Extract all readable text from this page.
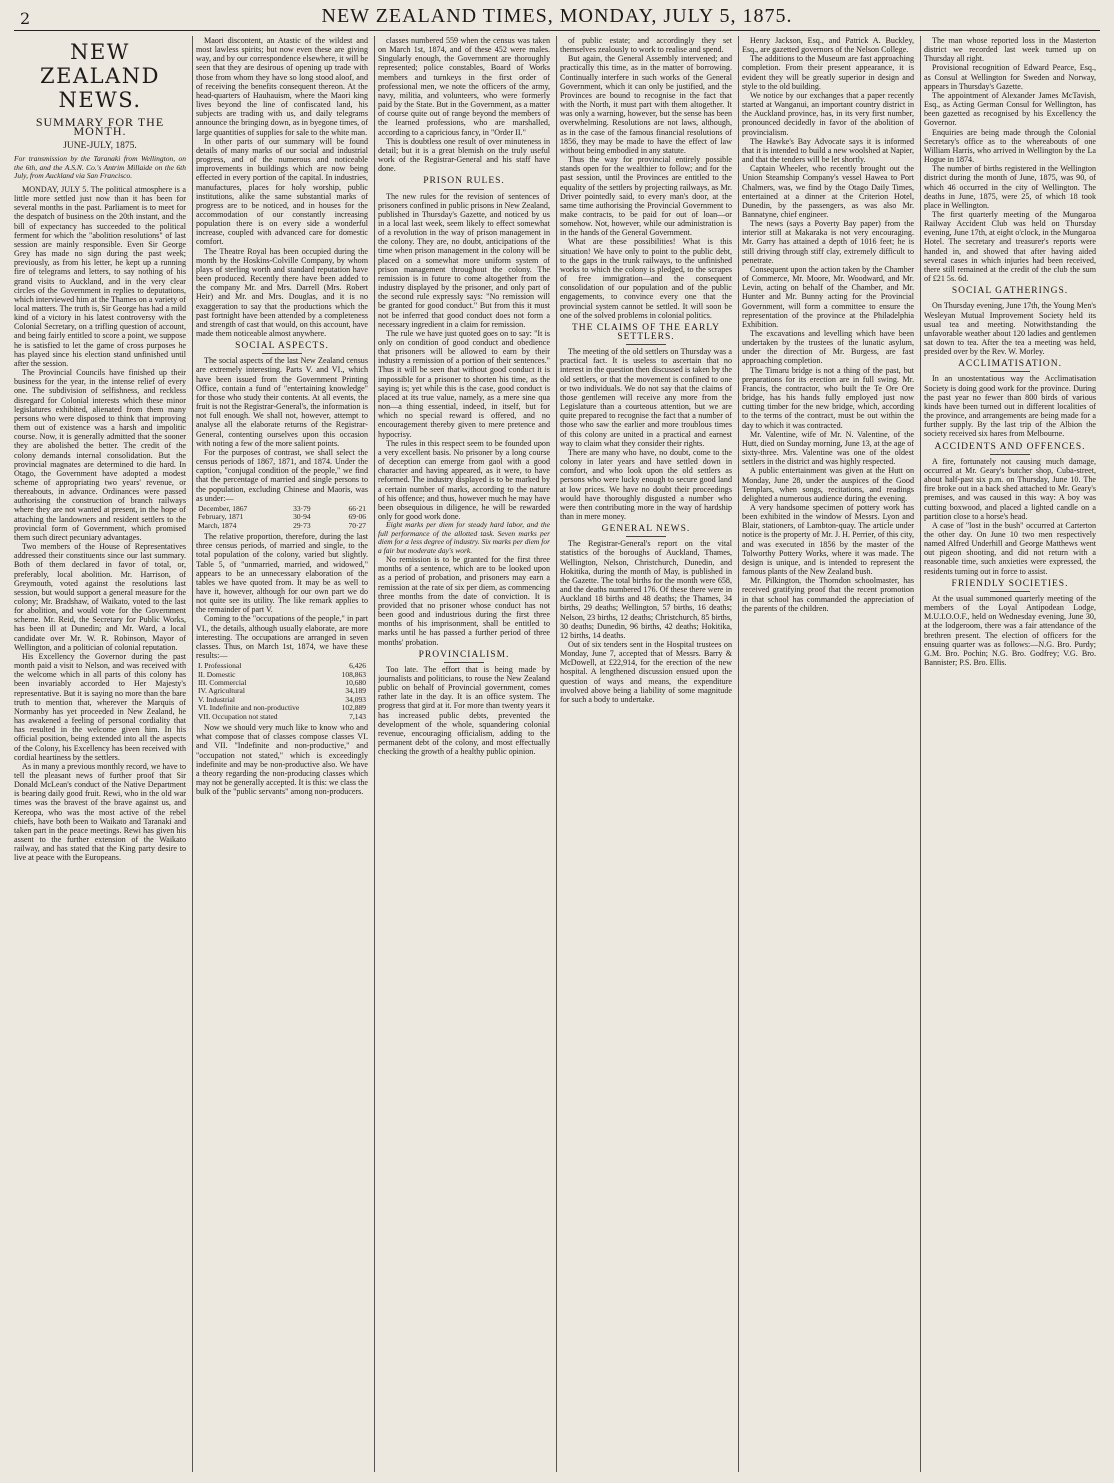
2	NEW ZEALAND TIMES, MONDAY, JULY 5, 1875.
NEW ZEALAND NEWS.
SUMMARY FOR THE MONTH.
JUNE-JULY, 1875.
For transmission by the Taranaki from Wellington, on the 6th, and the A.S.N. Co.'s Antrim Millaide on the 6th July, from Auckland via San Francisco.

MONDAY, JULY 5. The political atmosphere is a little more settled just now than it has been for several months in the past. Parliament is to meet for the despatch of business on the 20th instant, and the bill of expectancy has succeeded to the political ferment for which the "abolition resolutions" of last session are mainly responsible. Even Sir George Grey has made no sign during the past week; previously, as from his letter, he kept up a running fire of telegrams and letters, to say nothing of his grand visits to Auckland, and in the very clear circles of the Government in replies to deputations, which interviewed him at the Thames on a variety of local matters. The truth is, Sir George has had a mild kind of a victory in his latest controversy with the Colonial Secretary, on a trifling question of account, and being fairly entitled to score a point, we suppose he is satisfied to let the game of cross purposes he has played since his election stand unfinished until after the session.

The Provincial Councils have finished up their business for the year, in the intense relief of every one. The subdivision of selfishness, and reckless disregard for Colonial interests which these minor legislatures exhibited, alienated from them many persons who were disposed to think that improving them out of existence was a harsh and impolitic course. Now, it is generally admitted that the sooner they are abolished the better. The credit of the colony demands internal consolidation. But the provincial magnates are determined to die hard. In Otago, the Government have adopted a modest scheme of appropriating two years' revenue, or thereabouts, in advance. Ordinances were passed authorising the construction of branch railways where they are not wanted at present, in the hope of attaching the landowners and resident settlers to the provincial form of Government, which promised them such direct pecuniary advantages.

Two members of the House of Representatives addressed their constituents since our last summary. Both of them declared in favor of total, or, preferably, local abolition. Mr. Harrison, of Greymouth, voted against the resolutions last session, but would support a general measure for the colony; Mr. Bradshaw, of Waikato, voted to the last for abolition, and would vote for the Government scheme. Mr. Reid, the Secretary for Public Works, has been ill at Dunedin; and Mr. Ward, a local candidate over Mr. W. R. Robinson, Mayor of Wellington, and a politician of colonial reputation.

His Excellency the Governor during the past month paid a visit to Nelson, and was received with the welcome which in all parts of this colony has been invariably accorded to Her Majesty's representative. But it is saying no more than the bare truth to mention that, wherever the Marquis of Normanby has yet proceeded in New Zealand, he has awakened a feeling of personal cordiality that has resulted in the welcome given him. In his official position, being extended into all the aspects of the Colony, his Excellency has been received with cordial heartiness by the settlers.

As in many a previous monthly record, we have to tell the pleasant news of further proof that Sir Donald McLean's conduct of the Native Department is bearing daily good fruit. Rewi, who in the old war times was the bravest of the brave against us, and Kereopa, who was the most active of the rebel chiefs, have both been to Waikato and Taranaki and taken part in the peace meetings. Rewi has given his assent to the further extension of the Waikato railway, and has stated that the King party desire to live at peace with the Europeans.

Maori discontent, an Atastic of the wildest and most lawless spirits; but now even these are giving way, and by our correspondence elsewhere, it will be seen that they are desirous of opening up trade with those from whom they have so long stood aloof, and of receiving the benefits consequent thereon. At the head-quarters of Hauhauism, where the Maori king lives beyond the line of confiscated land, his subjects are trading with us, and daily telegrams announce the bringing down, as in byegone times, of large quantities of supplies for sale to the white man.

In other parts of our summary will be found details of many marks of our social and industrial progress, and of the numerous and noticeable improvements in buildings which are now being effected in every portion of the capital. In industries, manufactures, places for holy worship, public institutions, alike the same substantial marks of progress are to be noticed, and in houses for the accommodation of our constantly increasing population there is on every side a wonderful increase, coupled with advanced care for domestic comfort.

The Theatre Royal has been occupied during the month by the Hoskins-Colville Company, by whom plays of sterling worth and standard reputation have been produced. Recently there have been added to the company Mr. and Mrs. Darrell (Mrs. Robert Heir) and Mr. and Mrs. Douglas, and it is no exaggeration to say that the productions which the past fortnight have been attended by a completeness and strength of cast that would, on this account, have made them noticeable almost anywhere.

SOCIAL ASPECTS.

The social aspects of the last New Zealand census are extremely interesting. Parts V. and VI., which have been issued from the Government Printing Office, contain a fund of "entertaining knowledge" for those who study their contents. At all events, the fruit is not the Registrar-General's, the information is not full enough. We shall not, however, attempt to analyse all the elaborate returns of the Registrar-General, contenting ourselves upon this occasion with noting a few of the more salient points.

For the purposes of contrast, we shall select the census periods of 1867, 1871, and 1874. Under the caption, "conjugal condition of the people," we find that the percentage of married and single persons to the population, excluding Chinese and Maoris, was as under:—

December, 1867	33·79	66·21
February, 1871	30·94	69·06
March, 1874	29·73	70·27

The relative proportion, therefore, during the last three census periods, of married and single, to the total population of the colony, varied but slightly. Table 5, of "unmarried, married, and widowed," appears to be an unnecessary elaboration of the tables we have quoted from. It may be as well to have it, however, although for our own part we do not quite see its utility. The like remark applies to the remainder of part V.

Coming to the "occupations of the people," in part VI., the details, although usually elaborate, are more interesting. The occupations are arranged in seven classes. Thus, on March 1st, 1874, we have these results:—

I. Professional	6,426
II. Domestic	108,863
III. Commercial	10,680
IV. Agricultural	34,189
V. Industrial	34,093
VI. Indefinite and non-productive	102,889
VII. Occupation not stated	7,143

Now we should very much like to know who and what compose that of classes compose classes VI. and VII. "Indefinite and non-productive," and "occupation not stated," which is exceedingly indefinite and may be non-productive also. We have a theory regarding the non-producing classes which may not be generally accepted. It is this: we class the bulk of the "public servants" among non-producers.

classes numbered 559 when the census was taken on March 1st, 1874, and of these 452 were males. Singularly enough, the Government are thoroughly represented; police constables, Board of Works members and turnkeys in the first order of professional men, we note the officers of the army, navy, militia, and volunteers, who were formerly paid by the State. But in the Government, as a matter of course quite out of range beyond the members of the learned professions, who are marshalled, according to a capricious fancy, in "Order II."

This is doubtless one result of over minuteness in detail; but it is a great blemish on the truly useful work of the Registrar-General and his staff have done.

PRISON RULES.

The new rules for the revision of sentences of prisoners confined in public prisons in New Zealand, published in Thursday's Gazette, and noticed by us in a local last week, seem likely to effect somewhat of a revolution in the way of prison management in the colony. They are, no doubt, anticipations of the time when prison management in the colony will be placed on a somewhat more uniform system of prison management throughout the colony. The remission is in future to come altogether from the industry displayed by the prisoner, and only part of the second rule expressly says: "No remission will be granted for good conduct." But from this it must not be inferred that good conduct does not form a necessary ingredient in a claim for remission.

The rule we have just quoted goes on to say: "It is only on condition of good conduct and obedience that prisoners will be allowed to earn by their industry a remission of a portion of their sentences." Thus it will be seen that without good conduct it is impossible for a prisoner to shorten his time, as the saying is; yet while this is the case, good conduct is placed at its true value, namely, as a mere sine qua non—a thing essential, indeed, in itself, but for which no special reward is offered, and no encouragement thereby given to mere pretence and hypocrisy.

The rules in this respect seem to be founded upon a very excellent basis. No prisoner by a long course of deception can emerge from gaol with a good character and having appeared, as it were, to have reformed. The industry displayed is to be marked by a certain number of marks, according to the nature of his offence; and thus, however much he may have been obsequious in diligence, he will be rewarded only for good work done.

Eight marks per diem for steady hard labor, and the full performance of the allotted task. Seven marks per diem for a less degree of industry. Six marks per diem for a fair but moderate day's work.

No remission is to be granted for the first three months of a sentence, which are to be looked upon as a period of probation, and prisoners may earn a remission at the rate of six per diem, as commencing three months from the date of conviction. It is provided that no prisoner whose conduct has not been good and industrious during the first three months of his imprisonment, shall be entitled to marks until he has passed a further period of three months' probation.

PROVINCIALISM.

Too late. The effort that is being made by journalists and politicians, to rouse the New Zealand public on behalf of Provincial government, comes rather late in the day. It is an office system. The progress that gird at it. For more than twenty years it has increased public debts, prevented the development of the whole, squandering colonial revenue, encouraging officialism, adding to the permanent debt of the colony, and most effectually checking the growth of a healthy public opinion.

of public estate; and accordingly they set themselves zealously to work to realise and spend.

But again, the General Assembly intervened; and practically this time, as in the matter of borrowing. Continually interfere in such works of the General Government, which it can only be justified, and the Provinces are bound to recognise in the fact that with the North, it must part with them altogether. It was only a warning, however, but the sense has been overwhelming. Resolutions are not laws, although, as in the case of the famous financial resolutions of 1856, they may be made to have the effect of law without being embodied in any statute.

Thus the way for provincial entirely possible stands open for the wealthier to follow; and for the past session, until the Provinces are entitled to the equality of the settlers by projecting railways, as Mr. Driver pointedly said, to every man's door, at the same time authorising the Provincial Government to make contracts, to be paid for out of loan—or somehow. Not, however, while our administration is in the hands of the General Government.

What are these possibilities! What is this situation! We have only to point to the public debt, to the gaps in the trunk railways, to the unfinished works to which the colony is pledged, to the scrapes of free immigration—and the consequent consolidation of our population and of the public engagements, to convince every one that the provincial system cannot be settled. It will soon be one of the solved problems in colonial politics.

THE CLAIMS OF THE EARLY SETTLERS.

The meeting of the old settlers on Thursday was a practical fact. It is useless to ascertain that no interest in the question then discussed is taken by the old settlers, or that the movement is confined to one or two individuals. We do not say that the claims of those gentlemen will receive any more from the Legislature than a courteous attention, but we are quite prepared to recognise the fact that a number of those who saw the earlier and more troublous times of this colony are united in a practical and earnest way to claim what they consider their rights.

There are many who have, no doubt, come to the colony in later years and have settled down in comfort, and who look upon the old settlers as persons who were lucky enough to secure good land at low prices. We have no doubt their proceedings would have thoroughly disgusted a number who were then contributing more in the way of hardship than in mere money.

GENERAL NEWS.

The Registrar-General's report on the vital statistics of the boroughs of Auckland, Thames, Wellington, Nelson, Christchurch, Dunedin, and Hokitika, during the month of May, is published in the Gazette. The total births for the month were 658, and the deaths numbered 176. Of these there were in Auckland 18 births and 48 deaths; the Thames, 34 births, 29 deaths; Wellington, 57 births, 16 deaths; Nelson, 23 births, 12 deaths; Christchurch, 85 births, 30 deaths; Dunedin, 96 births, 42 deaths; Hokitika, 12 births, 14 deaths.

Out of six tenders sent in the Hospital trustees on Monday, June 7, accepted that of Messrs. Barry & McDowell, at £22,914, for the erection of the new hospital. A lengthened discussion ensued upon the question of ways and means, the expenditure involved above being a liability of some magnitude for such a body to undertake.

Henry Jackson, Esq., and Patrick A. Buckley, Esq., are gazetted governors of the Nelson College.

The additions to the Museum are fast approaching completion. From their present appearance, it is evident they will be greatly superior in design and style to the old building.

We notice by our exchanges that a paper recently started at Wanganui, an important country district in the Auckland province, has, in its very first number, pronounced decidedly in favor of the abolition of provincialism.

The Hawke's Bay Advocate says it is informed that it is intended to build a new woolshed at Napier, and that the tenders will be let shortly.

Captain Wheeler, who recently brought out the Union Steamship Company's vessel Hawea to Port Chalmers, was, we find by the Otago Daily Times, entertained at a dinner at the Criterion Hotel, Dunedin, by the passengers, as was also Mr. Bannatyne, chief engineer.

The news (says a Poverty Bay paper) from the interior still at Makaraka is not very encouraging. Mr. Garry has attained a depth of 1016 feet; he is still driving through stiff clay, extremely difficult to penetrate.

Consequent upon the action taken by the Chamber of Commerce, Mr. Moore, Mr. Woodward, and Mr. Levin, acting on behalf of the Chamber, and Mr. Hunter and Mr. Bunny acting for the Provincial Government, will form a committee to ensure the representation of the province at the Philadelphia Exhibition.

The excavations and levelling which have been undertaken by the trustees of the lunatic asylum, under the direction of Mr. Burgess, are fast approaching completion.

The Timaru bridge is not a thing of the past, but preparations for its erection are in full swing. Mr. Francis, the contractor, who built the Te Ore Ore bridge, has his hands fully employed just now cutting timber for the new bridge, which, according to the terms of the contract, must be out within the day to which it was contracted.

Mr. Valentine, wife of Mr. N. Valentine, of the Hutt, died on Sunday morning, June 13, at the age of sixty-three. Mrs. Valentine was one of the oldest settlers in the district and was highly respected.

A public entertainment was given at the Hutt on Monday, June 28, under the auspices of the Good Templars, when songs, recitations, and readings delighted a numerous audience during the evening.

A very handsome specimen of pottery work has been exhibited in the window of Messrs. Lyon and Blair, stationers, of Lambton-quay. The article under notice is the property of Mr. J. H. Perrier, of this city, and was executed in 1856 by the master of the Tolworthy Pottery Works, where it was made. The design is unique, and is intended to represent the famous plants of the New Zealand bush.

Mr. Pilkington, the Thorndon schoolmaster, has received gratifying proof that the recent promotion in that school has commanded the appreciation of the parents of the children.

The man whose reported loss in the Masterton district we recorded last week turned up on Thursday all right.

Provisional recognition of Edward Pearce, Esq., as Consul at Wellington for Sweden and Norway, appears in Thursday's Gazette.

The appointment of Alexander James McTavish, Esq., as Acting German Consul for Wellington, has been gazetted as recognised by his Excellency the Governor.

Enquiries are being made through the Colonial Secretary's office as to the whereabouts of one William Harris, who arrived in Wellington by the La Hogue in 1874.

The number of births registered in the Wellington district during the month of June, 1875, was 90, of which 46 occurred in the city of Wellington. The deaths in June, 1875, were 25, of which 18 took place in Wellington.

The first quarterly meeting of the Mungaroa Railway Accident Club was held on Thursday evening, June 17th, at eight o'clock, in the Mungaroa Hotel. The secretary and treasurer's reports were handed in, and showed that after having aided several cases in which injuries had been received, there still remained at the credit of the club the sum of £21 5s. 6d.

SOCIAL GATHERINGS.

On Thursday evening, June 17th, the Young Men's Wesleyan Mutual Improvement Society held its usual tea and meeting. Notwithstanding the unfavorable weather about 120 ladies and gentlemen sat down to tea. After the tea a meeting was held, presided over by the Rev. W. Morley.

ACCLIMATISATION.

In an unostentatious way the Acclimatisation Society is doing good work for the province. During the past year no fewer than 800 birds of various kinds have been turned out in different localities of the province, and arrangements are being made for a further supply. By the last trip of the Albion the society received six hares from Melbourne.

ACCIDENTS AND OFFENCES.

A fire, fortunately not causing much damage, occurred at Mr. Geary's butcher shop, Cuba-street, about half-past six p.m. on Thursday, June 10. The fire broke out in a back shed attached to Mr. Geary's premises, and was caused in this way: A boy was cutting boxwood, and placed a lighted candle on a partition close to a horse's head.

A case of "lost in the bush" occurred at Carterton the other day. On June 10 two men respectively named Alfred Underhill and George Matthews went out pigeon shooting, and did not return with a reasonable time, such anxieties were expressed, the residents turning out in force to assist.

FRIENDLY SOCIETIES.

At the usual summoned quarterly meeting of the members of the Loyal Antipodean Lodge, M.U.I.O.O.F., held on Wednesday evening, June 30, at the lodgeroom, there was a fair attendance of the brethren present. The election of officers for the ensuing quarter was as follows:—N.G. Bro. Purdy; G.M. Bro. Pochin; N.G. Bro. Godfrey; V.G. Bro. Bannister; P.S. Bro. Ellis.
